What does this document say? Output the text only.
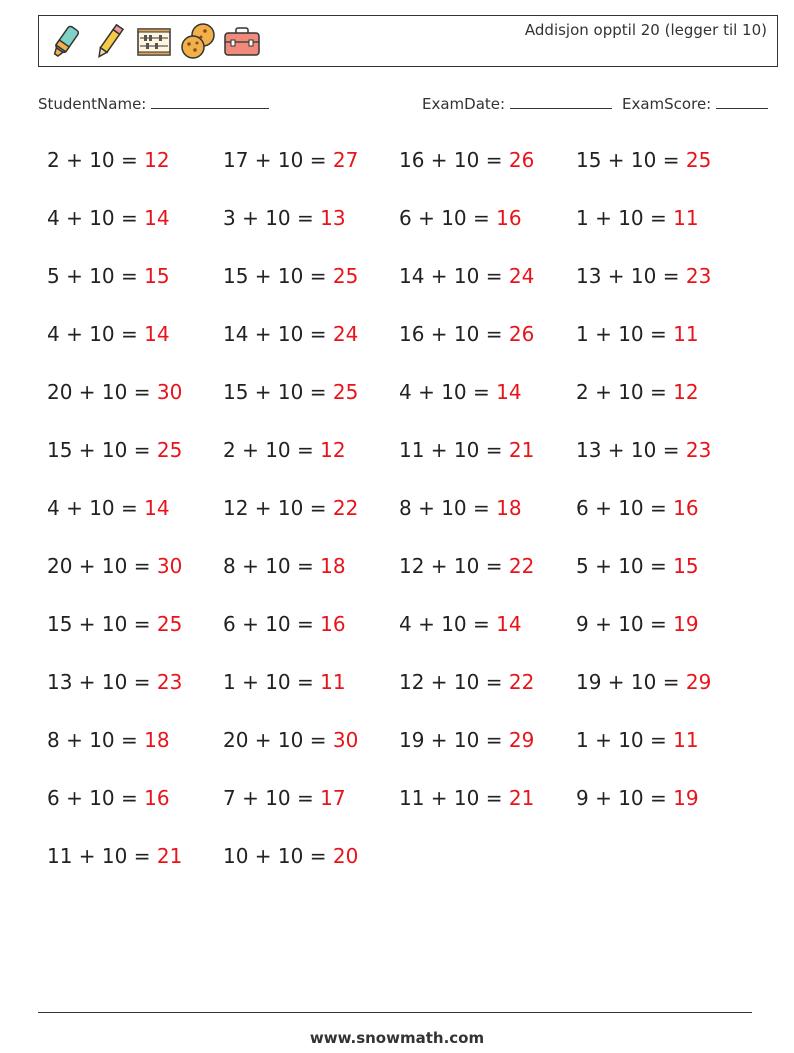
Addisjon opptil 20 (legger til 10)
StudentName:	ExamDate:	ExamScore:
2 + 10 = 12	17 + 10 = 27 16 + 10 = 26 15 + 10 = 25
4 + 10 = 14	3 + 10 = 13	6 + 10 = 16	1 + 10 = 11
5 + 10 = 15	15 + 10 = 25 14 + 10 = 24 13 + 10 = 23
4 + 10 = 14	14 + 10 = 24 16 + 10 = 26 1 + 10 = 11
20 + 10 = 30 15 + 10 = 25 4 + 10 = 14	2 + 10 = 12
15 + 10 = 25 2 + 10 = 12	11 + 10 = 21 13 + 10 = 23
4 + 10 = 14	12 + 10 = 22 8 + 10 = 18	6 + 10 = 16
20 + 10 = 30 8 + 10 = 18	12 + 10 = 22 5 + 10 = 15
15 + 10 = 25 6 + 10 = 16	4 + 10 = 14	9 + 10 = 19
13 + 10 = 23 1 + 10 = 11	12 + 10 = 22 19 + 10 = 29
8 + 10 = 18	20 + 10 = 30 19 + 10 = 29 1 + 10 = 11
6 + 10 = 16	7 + 10 = 17	11 + 10 = 21 9 + 10 = 19
11 + 10 = 21 10 + 10 = 20
www.snowmath.com
